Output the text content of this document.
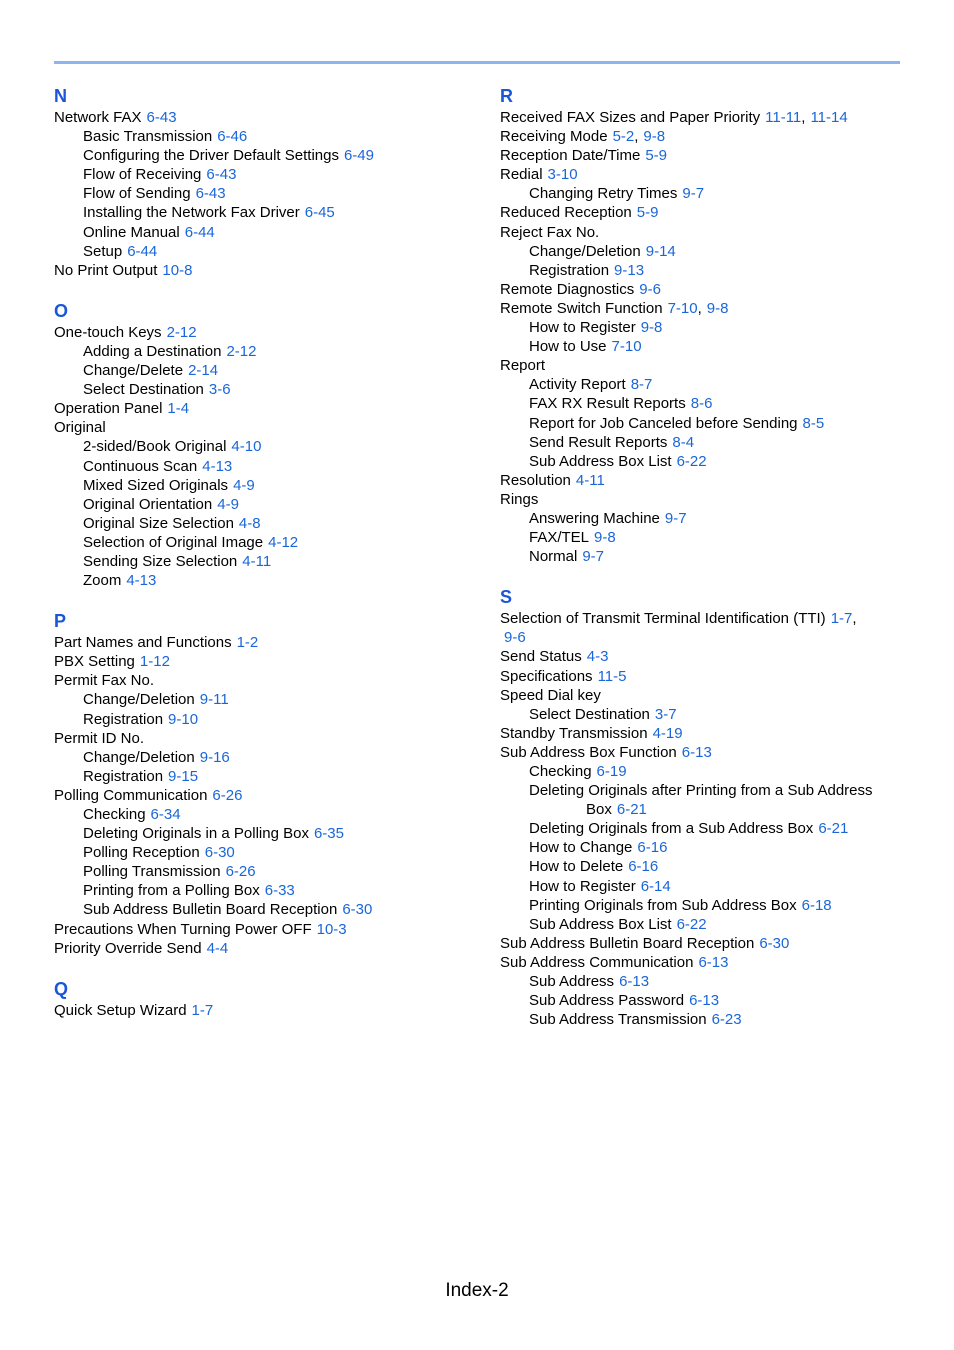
N
Network FAX 6-43
Basic Transmission 6-46
Configuring the Driver Default Settings 6-49
Flow of Receiving 6-43
Flow of Sending 6-43
Installing the Network Fax Driver 6-45
Online Manual 6-44
Setup 6-44
No Print Output 10-8
O
One-touch Keys 2-12
Adding a Destination 2-12
Change/Delete 2-14
Select Destination 3-6
Operation Panel 1-4
Original
2-sided/Book Original 4-10
Continuous Scan 4-13
Mixed Sized Originals 4-9
Original Orientation 4-9
Original Size Selection 4-8
Selection of Original Image 4-12
Sending Size Selection 4-11
Zoom 4-13
P
Part Names and Functions 1-2
PBX Setting 1-12
Permit Fax No.
Change/Deletion 9-11
Registration 9-10
Permit ID No.
Change/Deletion 9-16
Registration 9-15
Polling Communication 6-26
Checking 6-34
Deleting Originals in a Polling Box 6-35
Polling Reception 6-30
Polling Transmission 6-26
Printing from a Polling Box 6-33
Sub Address Bulletin Board Reception 6-30
Precautions When Turning Power OFF 10-3
Priority Override Send 4-4
Q
Quick Setup Wizard 1-7
R
Received FAX Sizes and Paper Priority 11-11, 11-14
Receiving Mode 5-2, 9-8
Reception Date/Time 5-9
Redial 3-10
Changing Retry Times 9-7
Reduced Reception 5-9
Reject Fax No.
Change/Deletion 9-14
Registration 9-13
Remote Diagnostics 9-6
Remote Switch Function 7-10, 9-8
How to Register 9-8
How to Use 7-10
Report
Activity Report 8-7
FAX RX Result Reports 8-6
Report for Job Canceled before Sending 8-5
Send Result Reports 8-4
Sub Address Box List 6-22
Resolution 4-11
Rings
Answering Machine 9-7
FAX/TEL 9-8
Normal 9-7
S
Selection of Transmit Terminal Identification (TTI) 1-7,
9-6
Send Status 4-3
Specifications 11-5
Speed Dial key
Select Destination 3-7
Standby Transmission 4-19
Sub Address Box Function 6-13
Checking 6-19
Deleting Originals after Printing from a Sub Address
Box 6-21
Deleting Originals from a Sub Address Box 6-21
How to Change 6-16
How to Delete 6-16
How to Register 6-14
Printing Originals from Sub Address Box 6-18
Sub Address Box List 6-22
Sub Address Bulletin Board Reception 6-30
Sub Address Communication 6-13
Sub Address 6-13
Sub Address Password 6-13
Sub Address Transmission 6-23
Index-2
